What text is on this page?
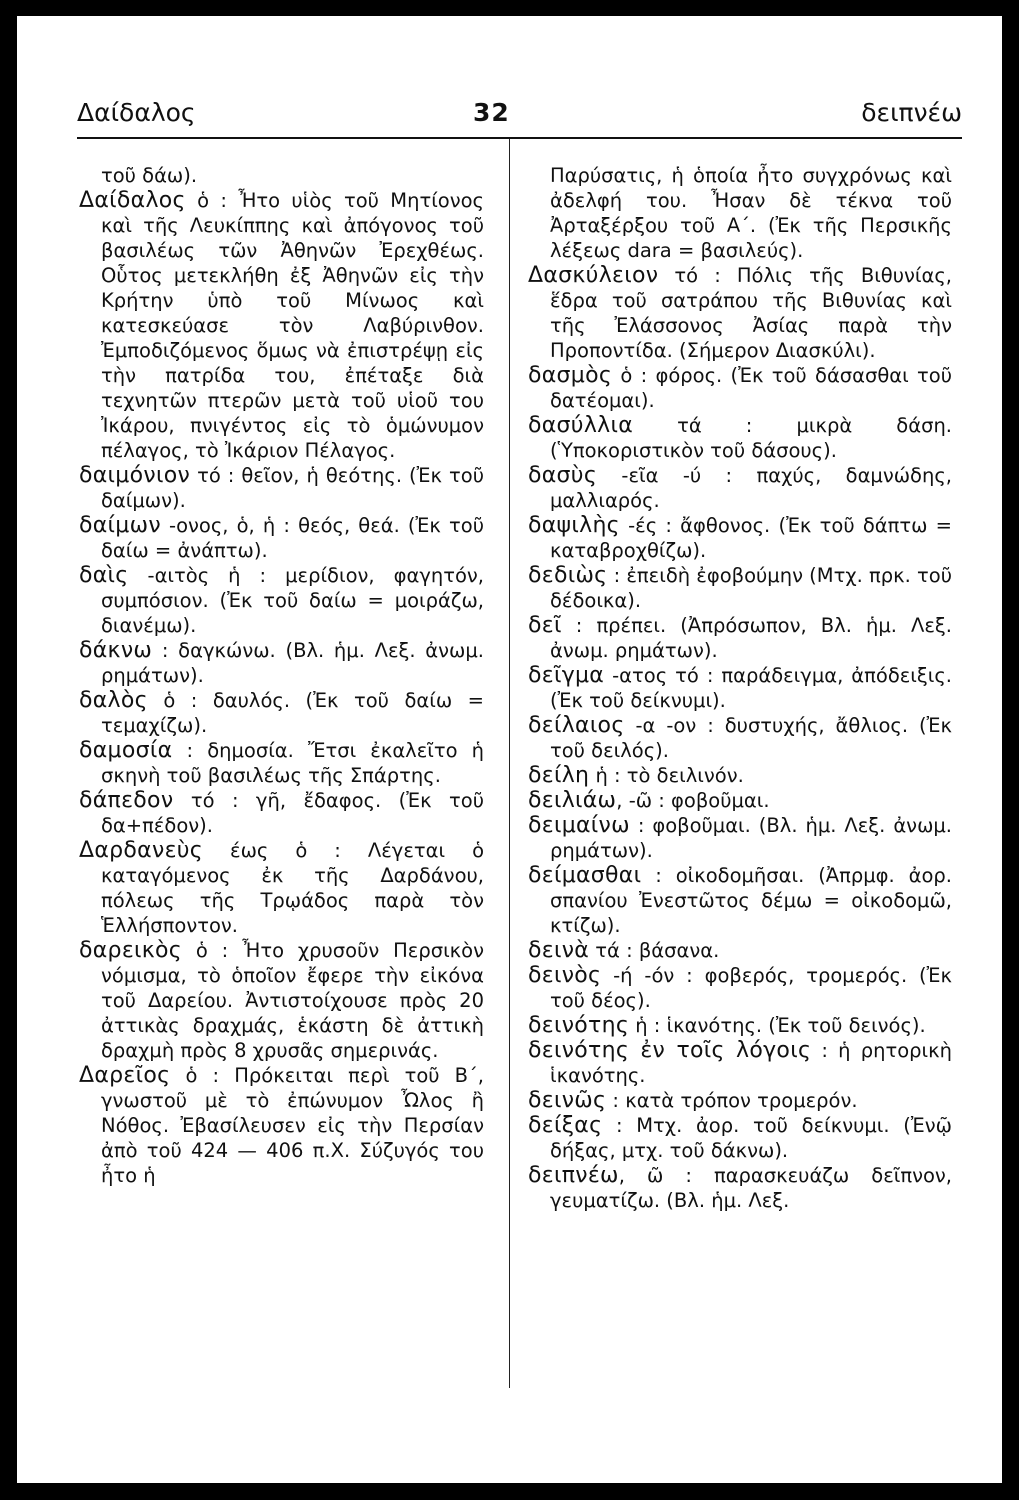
Δαίδαλος	32	δειπνέω

τοῦ δάω).

Δαίδαλος ὁ : Ἦτο υἱὸς τοῦ Μητίονος καὶ τῆς Λευκίππης καὶ ἀπόγονος τοῦ βασιλέως τῶν Ἀθηνῶν Ἐρεχθέως. Οὗτος μετεκλήθη ἐξ Ἀθηνῶν εἰς τὴν Κρήτην ὑπὸ τοῦ Μίνωος καὶ κατεσκεύασε τὸν Λαβύρινθον. Ἐμποδιζόμενος ὅμως νὰ ἐπιστρέψῃ εἰς τὴν πατρίδα του, ἐπέταξε διὰ τεχνητῶν πτερῶν μετὰ τοῦ υἱοῦ του Ἰκάρου, πνιγέντος εἰς τὸ ὁμώνυμον πέλαγος, τὸ Ἰκάριον Πέλαγος.

δαιμόνιον τό : θεῖον, ἡ θεότης. (Ἐκ τοῦ δαίμων).

δαίμων -ονος, ὁ, ἡ : θεός, θεά. (Ἐκ τοῦ δαίω = ἀνάπτω).

δαὶς -αιτὸς ἡ : μερίδιον, φαγητόν, συμπόσιον. (Ἐκ τοῦ δαίω = μοιράζω, διανέμω).

δάκνω : δαγκώνω. (Βλ. ἡμ. Λεξ. ἀνωμ. ρημάτων).

δαλὸς ὁ : δαυλός. (Ἐκ τοῦ δαίω = τεμαχίζω).

δαμοσία : δημοσία. Ἔτσι ἐκαλεῖτο ἡ σκηνὴ τοῦ βασιλέως τῆς Σπάρτης.

δάπεδον τό : γῆ, ἔδαφος. (Ἐκ τοῦ δα+πέδον).

Δαρδανεὺς έως ὁ : Λέγεται ὁ καταγόμενος ἐκ τῆς Δαρδάνου, πόλεως τῆς Τρῳάδος παρὰ τὸν Ἑλλήσποντον.

δαρεικὸς ὁ : Ἦτο χρυσοῦν Περσικὸν νόμισμα, τὸ ὁποῖον ἔφερε τὴν εἰκόνα τοῦ Δαρείου. Ἀντιστοίχουσε πρὸς 20 ἀττικὰς δραχμάς, ἑκάστη δὲ ἀττικὴ δραχμὴ πρὸς 8 χρυσᾶς σημερινάς.

Δαρεῖος ὁ : Πρόκειται περὶ τοῦ Β΄, γνωστοῦ μὲ τὸ ἐπώνυμον Ὦλος ἢ Νόθος. Ἐβασίλευσεν εἰς τὴν Περσίαν ἀπὸ τοῦ 424 — 406 π.Χ. Σύζυγός του ἦτο ἡ

Παρύσατις, ἡ ὁποία ἦτο συγχρόνως καὶ ἀδελφή του. Ἦσαν δὲ τέκνα τοῦ Ἀρταξέρξου τοῦ Α΄. (Ἐκ τῆς Περσικῆς λέξεως dara = βασιλεύς).

Δασκύλειον τό : Πόλις τῆς Βιθυνίας, ἕδρα τοῦ σατράπου τῆς Βιθυνίας καὶ τῆς Ἐλάσσονος Ἀσίας παρὰ τὴν Προποντίδα. (Σήμερον Διασκύλι).

δασμὸς ὁ : φόρος. (Ἐκ τοῦ δάσασθαι τοῦ δατέομαι).

δασύλλια τά : μικρὰ δάση. (Ὑποκοριστικὸν τοῦ δάσους).

δασὺς -εῖα -ύ : παχύς, δαμνώδης, μαλλιαρός.

δαψιλὴς -ές : ἄφθονος. (Ἐκ τοῦ δάπτω = καταβροχθίζω).

δεδιὼς : ἐπειδὴ ἐφοβούμην (Μτχ. πρκ. τοῦ δέδοικα).

δεῖ : πρέπει. (Ἀπρόσωπον, Βλ. ἡμ. Λεξ. ἀνωμ. ρημάτων).

δεῖγμα -ατος τό : παράδειγμα, ἀπόδειξις. (Ἐκ τοῦ δείκνυμι).

δείλαιος -α -ον : δυστυχής, ἄθλιος. (Ἐκ τοῦ δειλός).

δείλη ἡ : τὸ δειλινόν.

δειλιάω, -ῶ : φοβοῦμαι.

δειμαίνω : φοβοῦμαι. (Βλ. ἡμ. Λεξ. ἀνωμ. ρημάτων).

δείμασθαι : οἰκοδομῆσαι. (Ἀπρμφ. ἀορ. σπανίου Ἐνεστῶτος δέμω = οἰκοδομῶ, κτίζω).

δεινὰ τά : βάσανα.

δεινὸς -ή -όν : φοβερός, τρομερός. (Ἐκ τοῦ δέος).

δεινότης ἡ : ἱκανότης. (Ἐκ τοῦ δεινός).

δεινότης ἐν τοῖς λόγοις : ἡ ρητορικὴ ἱκανότης.

δεινῶς : κατὰ τρόπον τρομερόν.

δείξας : Μτχ. ἀορ. τοῦ δείκνυμι. (Ἐνῷ δήξας, μτχ. τοῦ δάκνω).

δειπνέω, ῶ : παρασκευάζω δεῖπνον, γευματίζω. (Βλ. ἡμ. Λεξ.
